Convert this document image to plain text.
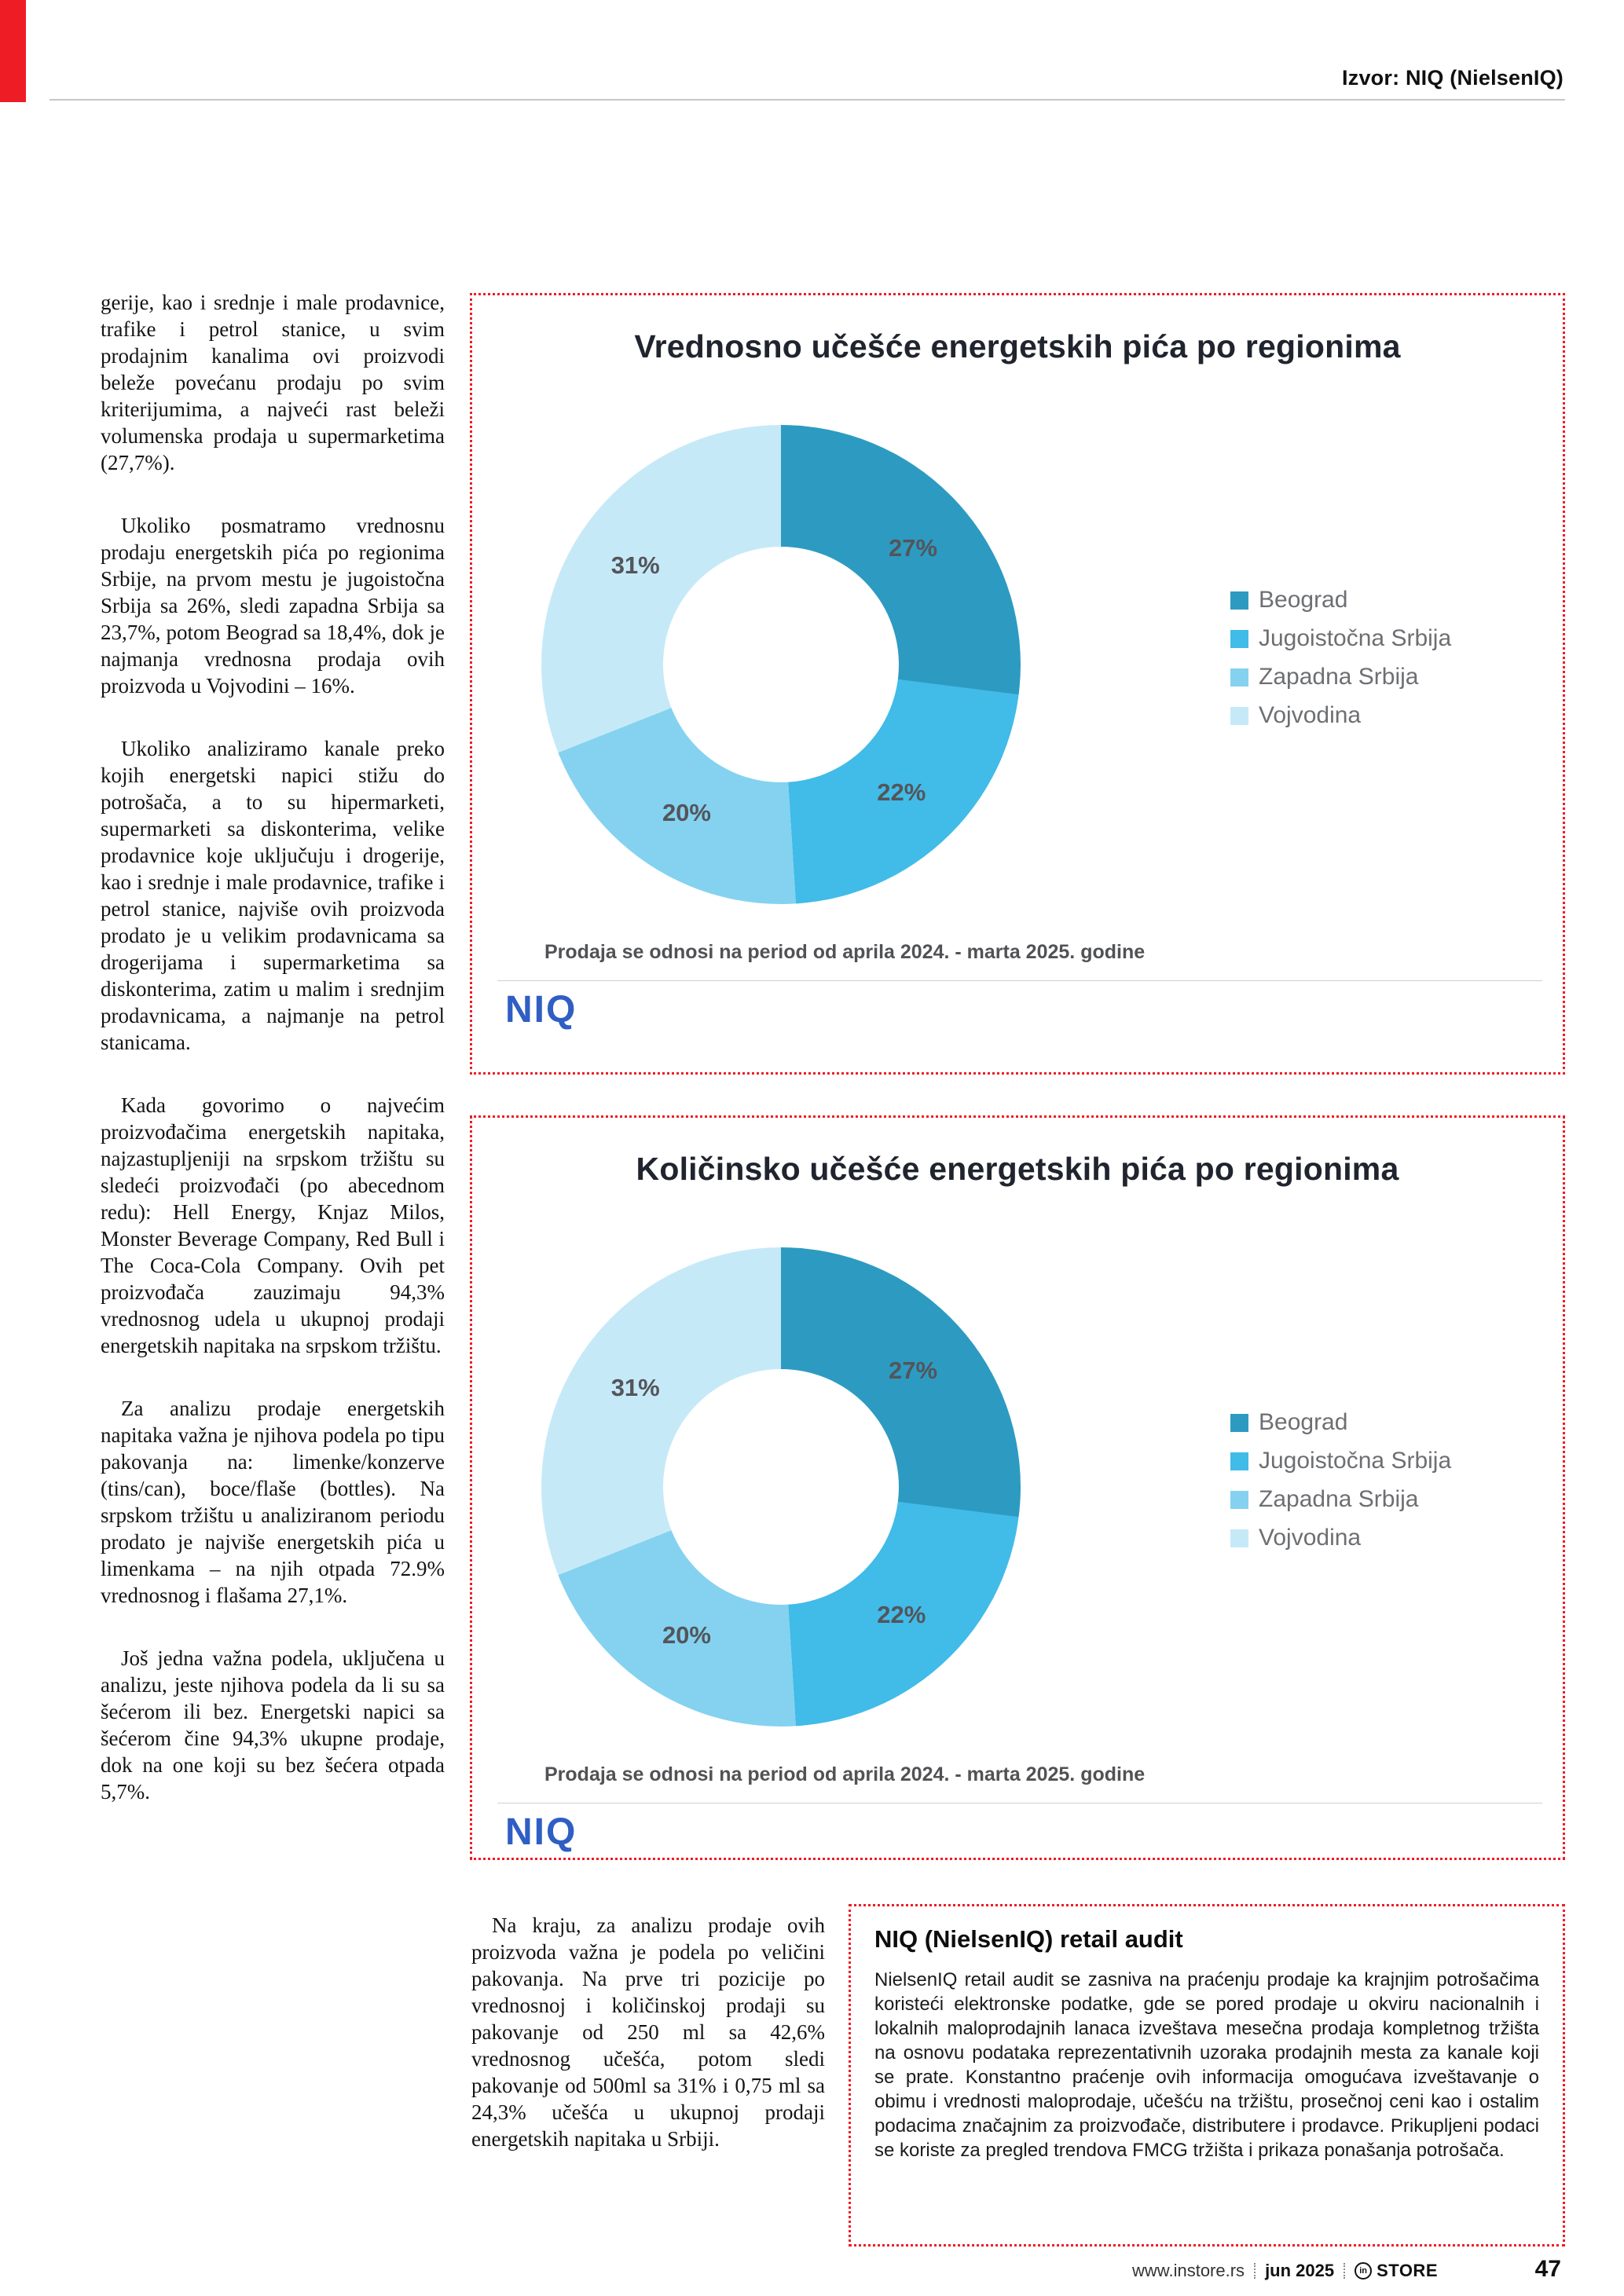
Izvor: NIQ (NielsenIQ)

gerije, kao i srednje i male prodavnice, trafike i petrol stanice, u svim prodajnim kanalima ovi proizvodi beleže povećanu prodaju po svim kriterijumima, a najveći rast beleži volumenska prodaja u supermarketima (27,7%).

Ukoliko posmatramo vrednosnu prodaju energetskih pića po regionima Srbije, na prvom mestu je jugoistočna Srbija sa 26%, sledi zapadna Srbija sa 23,7%, potom Beograd sa 18,4%, dok je najmanja vrednosna prodaja ovih proizvoda u Vojvodini – 16%.

Ukoliko analiziramo kanale preko kojih energetski napici stižu do potrošača, a to su hipermarketi, supermarketi sa diskonterima, velike prodavnice koje uključuju i drogerije, kao i srednje i male prodavnice, trafike i petrol stanice, najviše ovih proizvoda prodato je u velikim prodavnicama sa drogerijama i supermarketima sa diskonterima, zatim u malim i srednjim prodavnicama, a najmanje na petrol stanicama.

Kada govorimo o najvećim proizvođačima energetskih napitaka, najzastupljeniji na srpskom tržištu su sledeći proizvođači (po abecednom redu): Hell Energy, Knjaz Milos, Monster Beverage Company, Red Bull i The Coca-Cola Company. Ovih pet proizvođača zauzimaju 94,3% vrednosnog udela u ukupnoj prodaji energetskih napitaka na srpskom tržištu.

Za analizu prodaje energetskih napitaka važna je njihova podela po tipu pakovanja na: limenke/konzerve (tins/can), boce/flaše (bottles). Na srpskom tržištu u analiziranom periodu prodato je najviše energetskih pića u limenkama – na njih otpada 72.9% vrednosnog i flašama 27,1%.

Još jedna važna podela, uključena u analizu, jeste njihova podela da li su sa šećerom ili bez. Energetski napici sa šećerom čine 94,3% ukupne prodaje, dok na one koji su bez šećera otpada 5,7%.

Vrednosno učešće energetskih pića po regionima
27%
22%
20%
31%
Beograd
Jugoistočna Srbija
Zapadna Srbija
Vojvodina
Prodaja se odnosi na period od aprila 2024. - marta 2025. godine
NIQ
Količinsko učešće energetskih pića po regionima
27%
22%
20%
31%
Beograd
Jugoistočna Srbija
Zapadna Srbija
Vojvodina
Prodaja se odnosi na period od aprila 2024. - marta 2025. godine
NIQ

Na kraju, za analizu prodaje ovih proizvoda važna je podela po veličini pakovanja. Na prve tri pozicije po vrednosnoj i količinskoj prodaji su pakovanje od 250 ml sa 42,6% vrednosnog učešća, potom sledi pakovanje od 500ml sa 31% i 0,75 ml sa 24,3% učešća u ukupnoj prodaji energetskih napitaka u Srbiji.

NIQ (NielsenIQ) retail audit

NielsenIQ retail audit se zasniva na praćenju prodaje ka krajnjim potrošačima koristeći elektronske podatke, gde se pored prodaje u okviru nacionalnih i lokalnih maloprodajnih lanaca izveštava mesečna prodaja kompletnog tržišta na osnovu podataka reprezentativnih uzoraka prodajnih mesta za kanale koji se prate. Konstantno praćenje ovih informacija omogućava izveštavanje o obimu i vrednosti maloprodaje, učešću na tržištu, prosečnoj ceni kao i ostalim podacima značajnim za proizvođače, distributere i prodavce. Prikupljeni podaci se koriste za pregled trendova FMCG tržišta i prikaza ponašanja potrošača.

www.instore.rs jun 2025	in STORE	47
